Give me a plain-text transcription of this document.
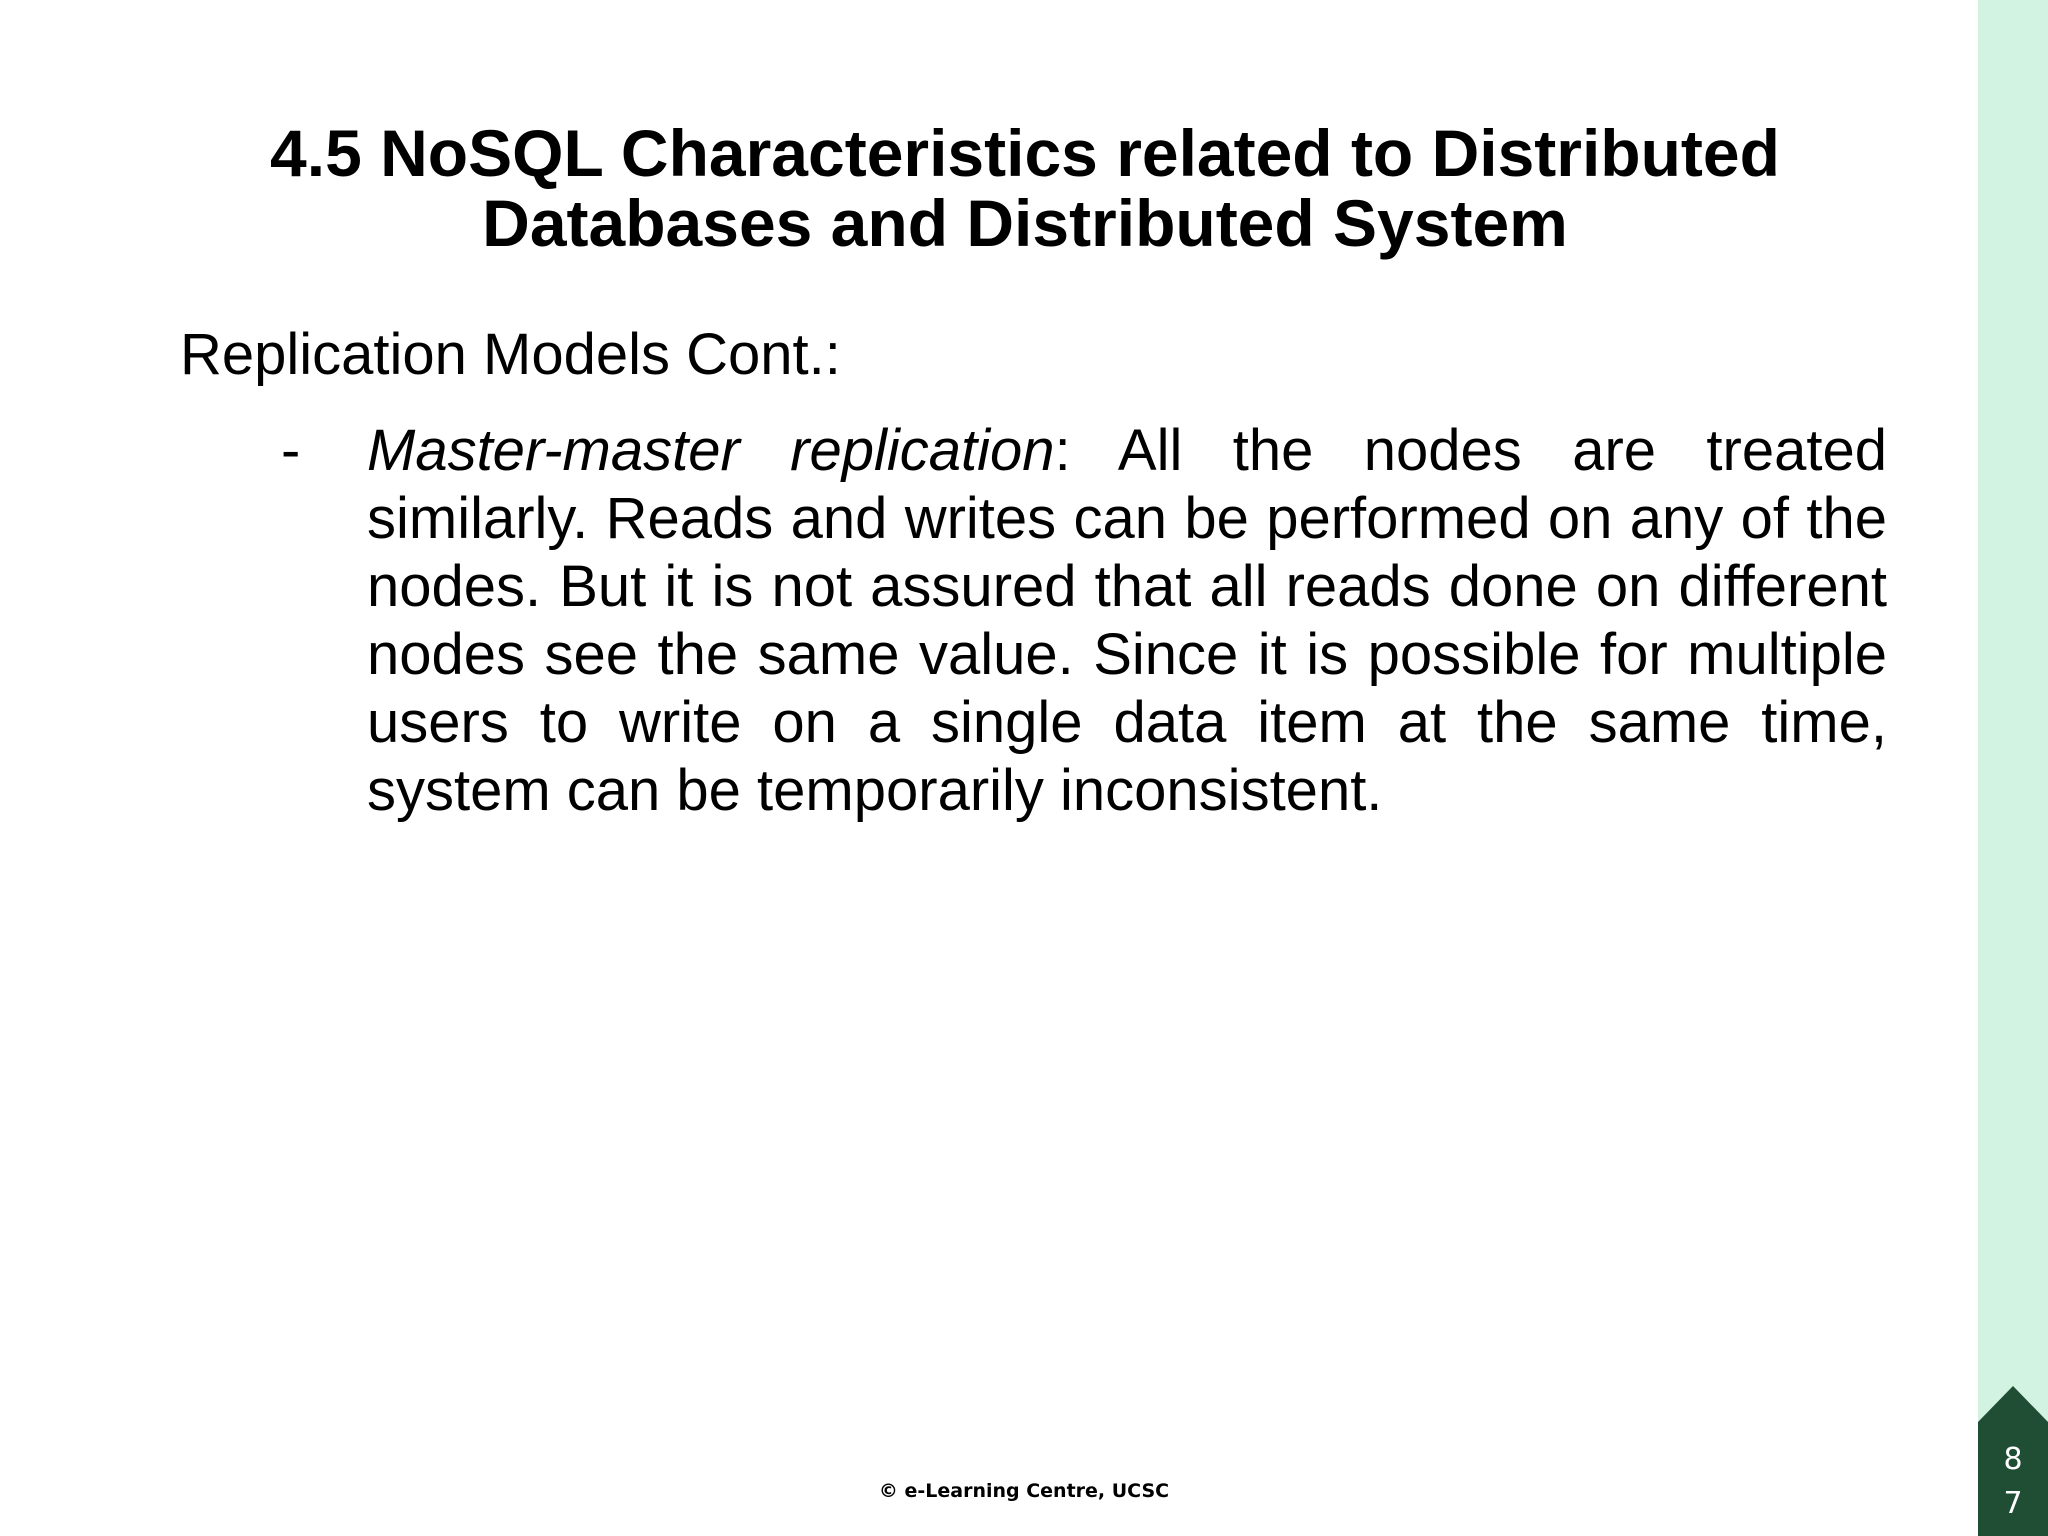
4.5 NoSQL Characteristics related to Distributed
Databases and Distributed System

Replication Models Cont.:

- Master-master replication: All the nodes are treated similarly. Reads and writes can be performed on any of the nodes. But it is not assured that all reads done on different nodes see the same value. Since it is possible for multiple users to write on a single data item at the same time, system can be temporarily inconsistent.

© e-Learning Centre, UCSC
8
7
